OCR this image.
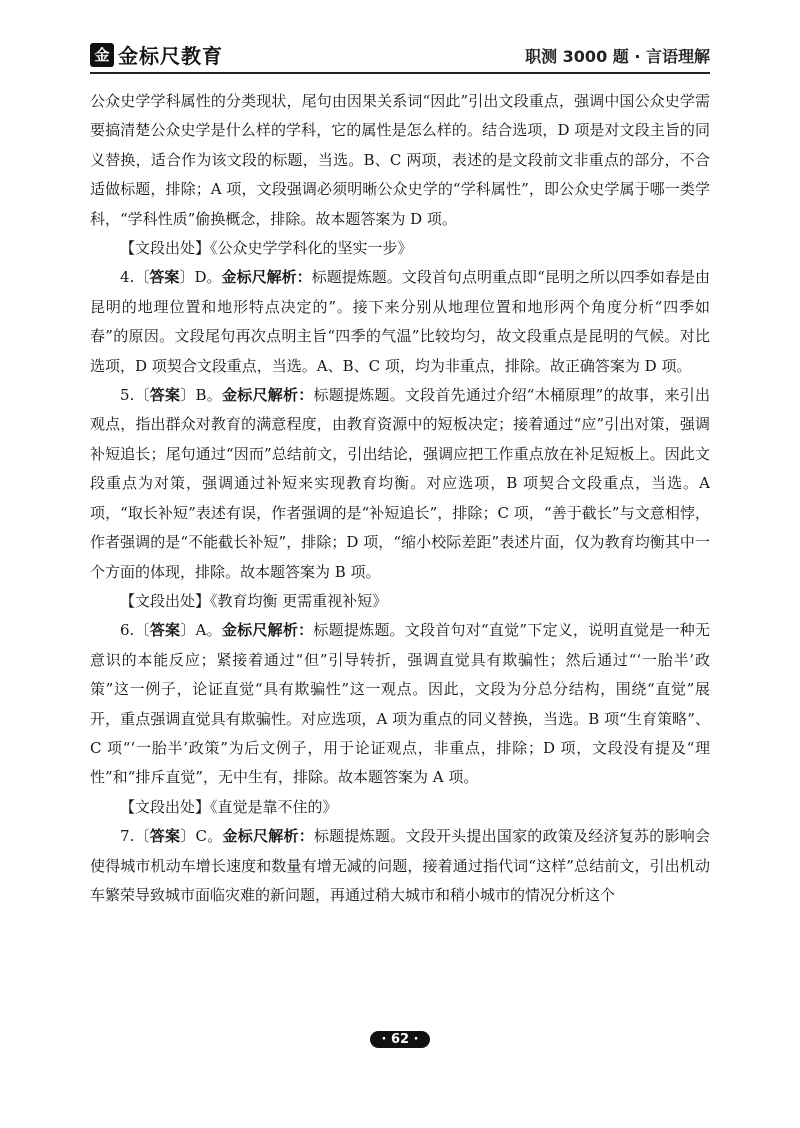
金 金标尺教育	职测 3000 题 · 言语理解

公众史学学科属性的分类现状，尾句由因果关系词“因此”引出文段重点，强调中国公众史学需要搞清楚公众史学是什么样的学科，它的属性是怎么样的。结合选项，D 项是对文段主旨的同义替换，适合作为该文段的标题，当选。B、C 两项，表述的是文段前文非重点的部分，不合适做标题，排除；A 项，文段强调必须明晰公众史学的“学科属性”，即公众史学属于哪一类学科，“学科性质”偷换概念，排除。故本题答案为 D 项。

【文段出处】《公众史学学科化的坚实一步》

4.〔答案〕D。金标尺解析：标题提炼题。文段首句点明重点即“昆明之所以四季如春是由昆明的地理位置和地形特点决定的”。接下来分别从地理位置和地形两个角度分析“四季如春”的原因。文段尾句再次点明主旨“四季的气温”比较均匀，故文段重点是昆明的气候。对比选项，D 项契合文段重点，当选。A、B、C 项，均为非重点，排除。故正确答案为 D 项。

5.〔答案〕B。金标尺解析：标题提炼题。文段首先通过介绍“木桶原理”的故事，来引出观点，指出群众对教育的满意程度，由教育资源中的短板决定；接着通过“应”引出对策，强调补短追长；尾句通过“因而”总结前文，引出结论，强调应把工作重点放在补足短板上。因此文段重点为对策，强调通过补短来实现教育均衡。对应选项，B 项契合文段重点，当选。A 项，“取长补短”表述有误，作者强调的是“补短追长”，排除；C 项，“善于截长”与文意相悖，作者强调的是“不能截长补短”，排除；D 项，“缩小校际差距”表述片面，仅为教育均衡其中一个方面的体现，排除。故本题答案为 B 项。

【文段出处】《教育均衡 更需重视补短》

6.〔答案〕A。金标尺解析：标题提炼题。文段首句对“直觉”下定义，说明直觉是一种无意识的本能反应；紧接着通过“但”引导转折，强调直觉具有欺骗性；然后通过“‘一胎半’政策”这一例子，论证直觉“具有欺骗性”这一观点。因此，文段为分总分结构，围绕“直觉”展开，重点强调直觉具有欺骗性。对应选项，A 项为重点的同义替换，当选。B 项“生育策略”、C 项“‘一胎半’政策”为后文例子，用于论证观点，非重点，排除；D 项，文段没有提及“理性”和“排斥直觉”，无中生有，排除。故本题答案为 A 项。

【文段出处】《直觉是靠不住的》

7.〔答案〕C。金标尺解析：标题提炼题。文段开头提出国家的政策及经济复苏的影响会使得城市机动车增长速度和数量有增无减的问题，接着通过指代词“这样”总结前文，引出机动车繁荣导致城市面临灾难的新问题，再通过稍大城市和稍小城市的情况分析这个

· 62 ·
